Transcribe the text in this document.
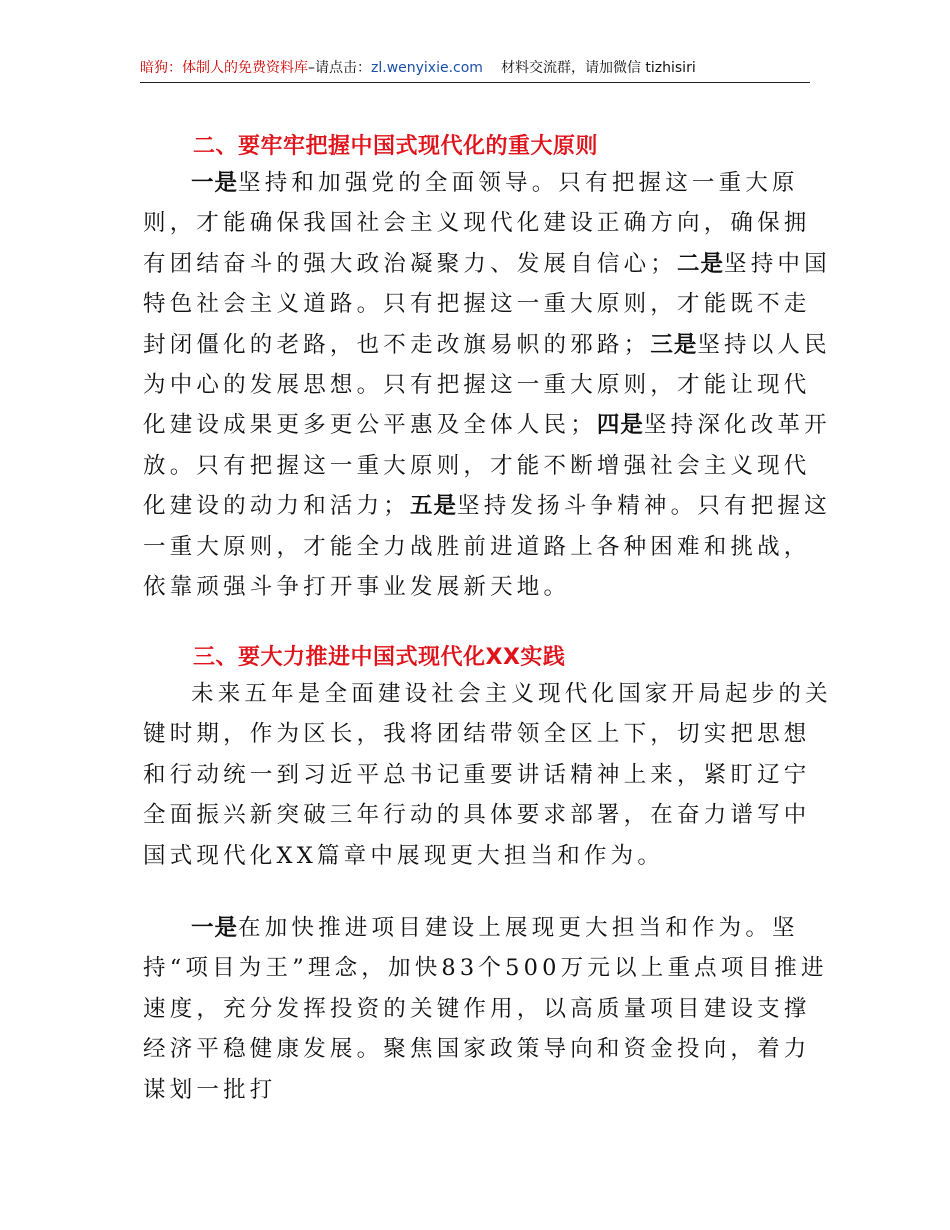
暗狗：体制人的免费资料库–请点击：zl.wenyixie.com 材料交流群，请加微信 tizhisiri
二、要牢牢把握中国式现代化的重大原则

一是坚持和加强党的全面领导。只有把握这一重大原则，才能确保我国社会主义现代化建设正确方向，确保拥有团结奋斗的强大政治凝聚力、发展自信心；二是坚持中国特色社会主义道路。只有把握这一重大原则，才能既不走封闭僵化的老路，也不走改旗易帜的邪路；三是坚持以人民为中心的发展思想。只有把握这一重大原则，才能让现代化建设成果更多更公平惠及全体人民；四是坚持深化改革开放。只有把握这一重大原则，才能不断增强社会主义现代化建设的动力和活力；五是坚持发扬斗争精神。只有把握这一重大原则，才能全力战胜前进道路上各种困难和挑战，依靠顽强斗争打开事业发展新天地。

三、要大力推进中国式现代化XX实践

未来五年是全面建设社会主义现代化国家开局起步的关键时期，作为区长，我将团结带领全区上下，切实把思想和行动统一到习近平总书记重要讲话精神上来，紧盯辽宁全面振兴新突破三年行动的具体要求部署，在奋力谱写中国式现代化XX篇章中展现更大担当和作为。

一是在加快推进项目建设上展现更大担当和作为。坚持“项目为王”理念，加快83个500万元以上重点项目推进速度，充分发挥投资的关键作用，以高质量项目建设支撑经济平稳健康发展。聚焦国家政策导向和资金投向，着力谋划一批打
